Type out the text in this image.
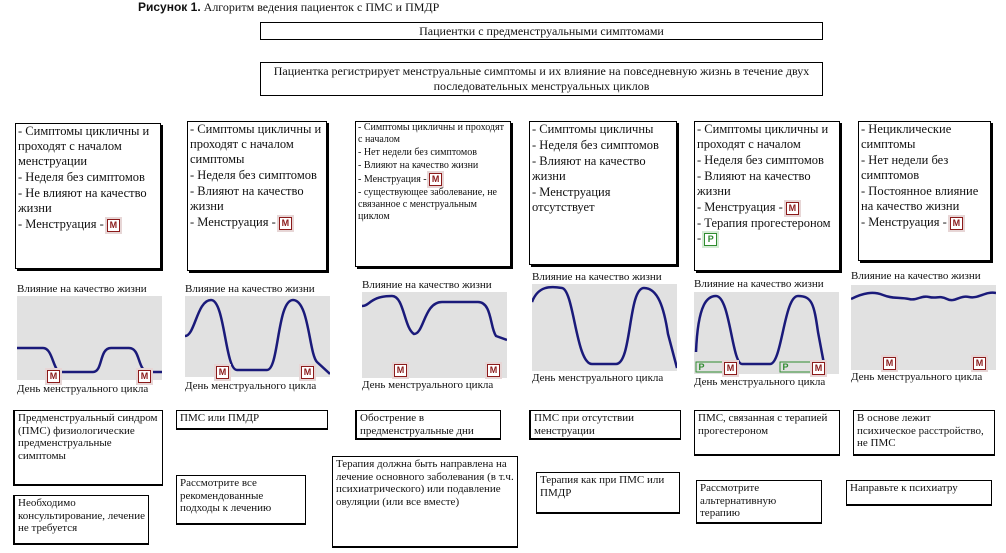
Рисунок 1. Алгоритм ведения пациенток с ПМС и ПМДР
Пациентки с предменструальными симптомами
Пациентка регистрирует менструальные симптомы и их влияние на повседневную жизнь в течение двух последовательных менструальных циклов
- Симптомы цикличны и проходят с началом менструации
- Неделя без симптомов
- Не влияют на качество жизни
- Менструация - M
- Симптомы цикличны и проходят с началом симптомы
- Неделя без симптомов
- Влияют на качество жизни
- Менструация - M
- Симптомы цикличны и проходят с началом
- Нет недели без симптомов
- Влияют на качество жизни
- Менструация - M
- существующее заболевание, не связанное с менструальным циклом
- Симптомы цикличны
- Неделя без симптомов
- Влияют на качество жизни
- Менструация отсутствует
- Симптомы цикличны и проходят с началом
- Неделя без симптомов
- Влияют на качество жизни
- Менструация - M
- Терапия прогестероном - P
- Нециклические симптомы
- Нет недели без симптомов
- Постоянное влияние на качество жизни
- Менструация - M
Влияние на качество жизни	Влияние на качество жизни	Влияние на качество жизни
Влияние на качество жизни
Влияние на качество жизни
Влияние на качество жизни
M	M	M	M	M	M	P	M	P	M	M	M
День менструального цикла	День менструального цикла	День менструального цикла
День менструального цикла	День менструального цикла День менструального цикла
Предменструальный синдром (ПМС) физиологические предменструальные симптомы
ПМС или ПМДР	Обострение в предменструальные дни
ПМС при отсутствии менструации
ПМС, связанная с терапией прогестероном
В основе лежит психическое расстройство, не ПМС
Необходимо консультирование, лечение не требуется
Рассмотрите все рекомендованные подходы к лечению
Терапия должна быть направлена на лечение основного заболевания (в т.ч. психиатрического) или подавление овуляции (или все вместе)
Терапия как при ПМС или ПМДР	Рассмотрите альтернативную терапию
Направьте к психиатру
